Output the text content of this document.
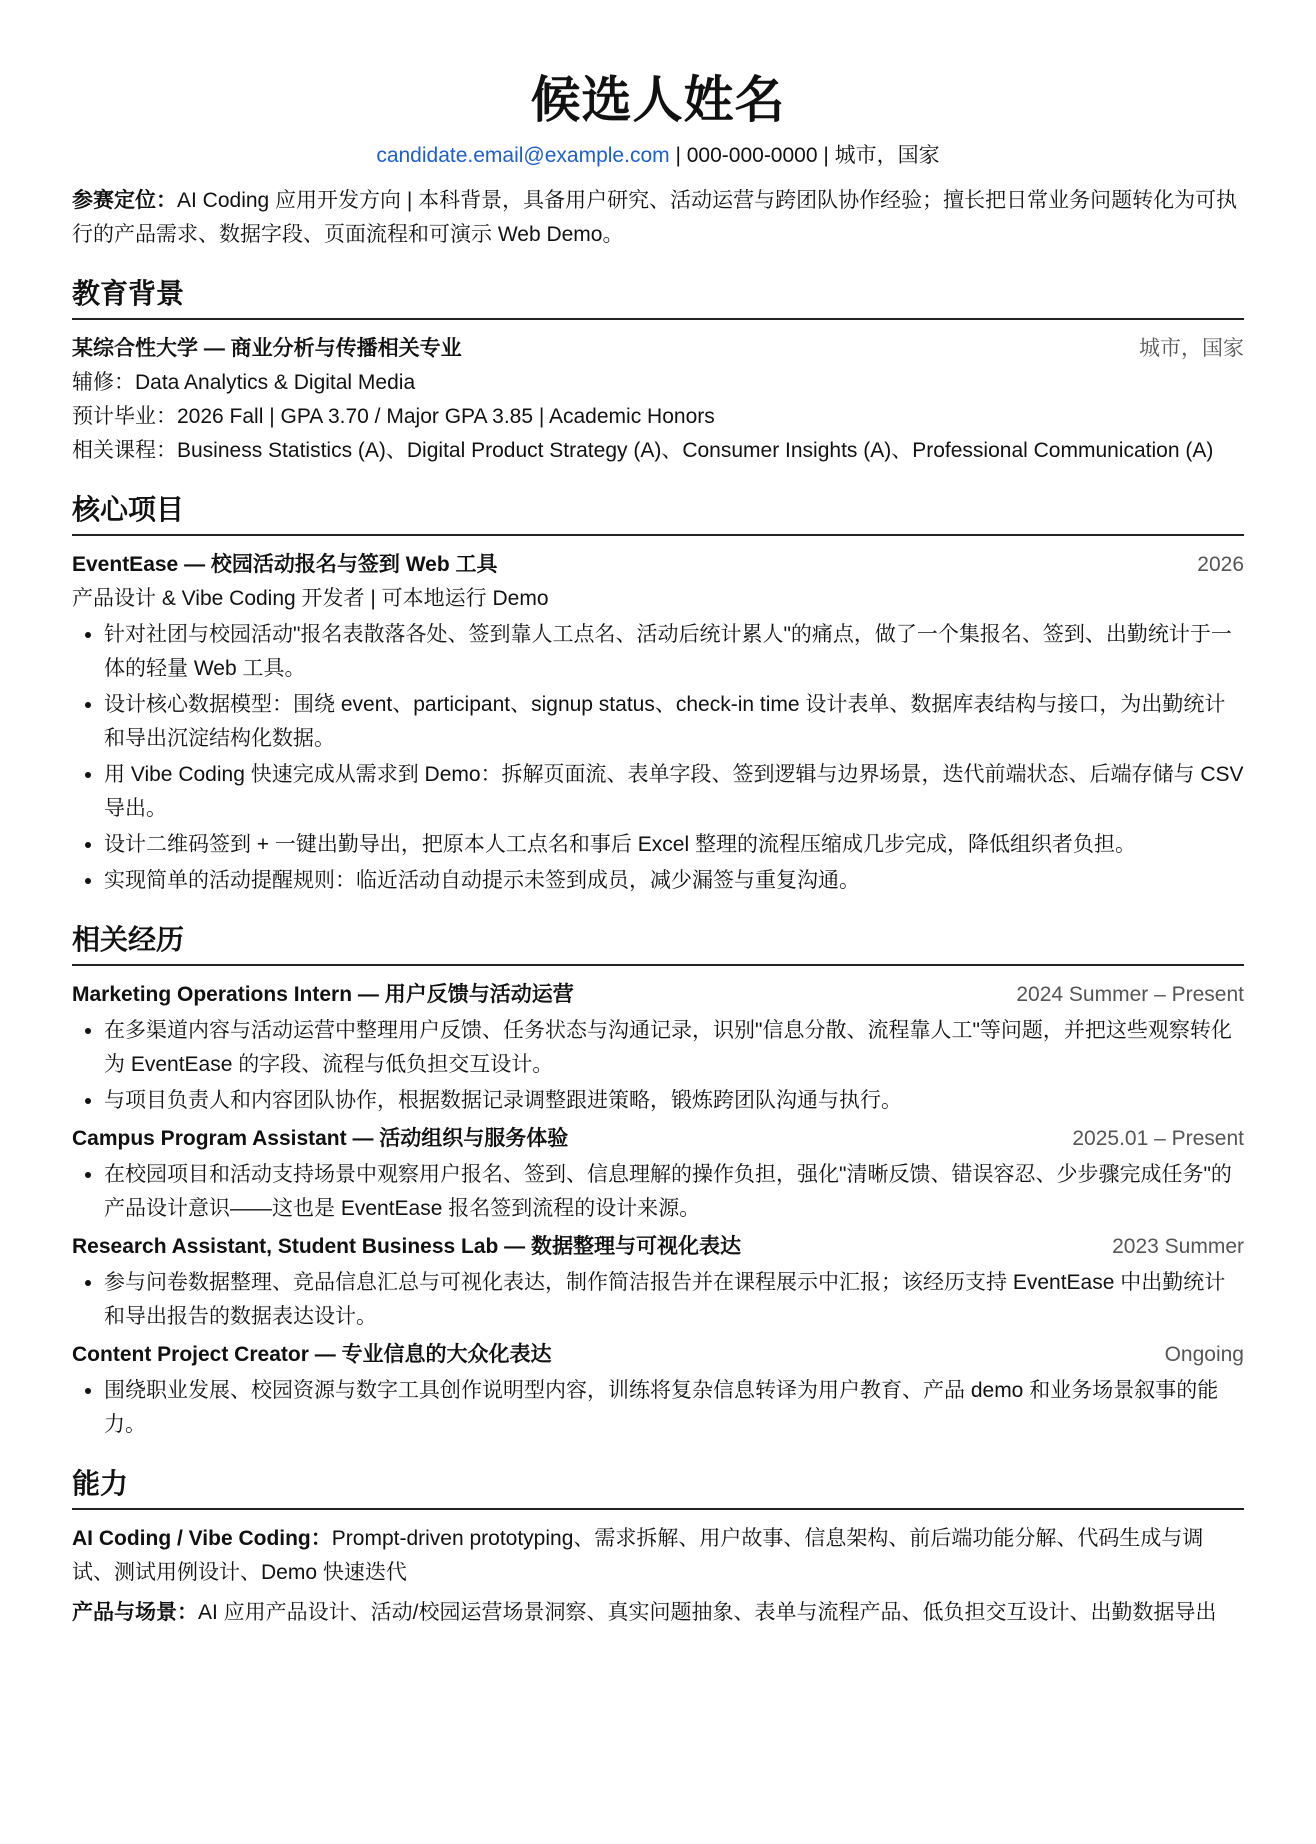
候选人姓名
candidate.email@example.com | 000-000-0000 | 城市，国家
参赛定位：AI Coding 应用开发方向 | 本科背景，具备用户研究、活动运营与跨团队协作经验；擅长把日常业务问题转化为可执行的产品需求、数据字段、页面流程和可演示 Web Demo。
教育背景
某综合性大学 — 商业分析与传播相关专业	城市，国家
辅修：Data Analytics & Digital Media
预计毕业：2026 Fall | GPA 3.70 / Major GPA 3.85 | Academic Honors
相关课程：Business Statistics (A)、Digital Product Strategy (A)、Consumer Insights (A)、Professional Communication (A)
核心项目
EventEase — 校园活动报名与签到 Web 工具	2026
产品设计 & Vibe Coding 开发者 | 可本地运行 Demo
• 针对社团与校园活动"报名表散落各处、签到靠人工点名、活动后统计累人"的痛点，做了一个集报名、签到、出勤统计于一体的轻量 Web 工具。
• 设计核心数据模型：围绕 event、participant、signup status、check-in time 设计表单、数据库表结构与接口，为出勤统计和导出沉淀结构化数据。
• 用 Vibe Coding 快速完成从需求到 Demo：拆解页面流、表单字段、签到逻辑与边界场景，迭代前端状态、后端存储与 CSV 导出。
• 设计二维码签到 + 一键出勤导出，把原本人工点名和事后 Excel 整理的流程压缩成几步完成，降低组织者负担。
• 实现简单的活动提醒规则：临近活动自动提示未签到成员，减少漏签与重复沟通。
相关经历
Marketing Operations Intern — 用户反馈与活动运营	2024 Summer – Present
• 在多渠道内容与活动运营中整理用户反馈、任务状态与沟通记录，识别"信息分散、流程靠人工"等问题，并把这些观察转化为 EventEase 的字段、流程与低负担交互设计。
• 与项目负责人和内容团队协作，根据数据记录调整跟进策略，锻炼跨团队沟通与执行。
Campus Program Assistant — 活动组织与服务体验	2025.01 – Present
• 在校园项目和活动支持场景中观察用户报名、签到、信息理解的操作负担，强化"清晰反馈、错误容忍、少步骤完成任务"的产品设计意识——这也是 EventEase 报名签到流程的设计来源。
Research Assistant, Student Business Lab — 数据整理与可视化表达	2023 Summer
• 参与问卷数据整理、竞品信息汇总与可视化表达，制作简洁报告并在课程展示中汇报；该经历支持 EventEase 中出勤统计和导出报告的数据表达设计。
Content Project Creator — 专业信息的大众化表达	Ongoing
• 围绕职业发展、校园资源与数字工具创作说明型内容，训练将复杂信息转译为用户教育、产品 demo 和业务场景叙事的能力。
能力
AI Coding / Vibe Coding：Prompt-driven prototyping、需求拆解、用户故事、信息架构、前后端功能分解、代码生成与调试、测试用例设计、Demo 快速迭代
产品与场景：AI 应用产品设计、活动/校园运营场景洞察、真实问题抽象、表单与流程产品、低负担交互设计、出勤数据导出
